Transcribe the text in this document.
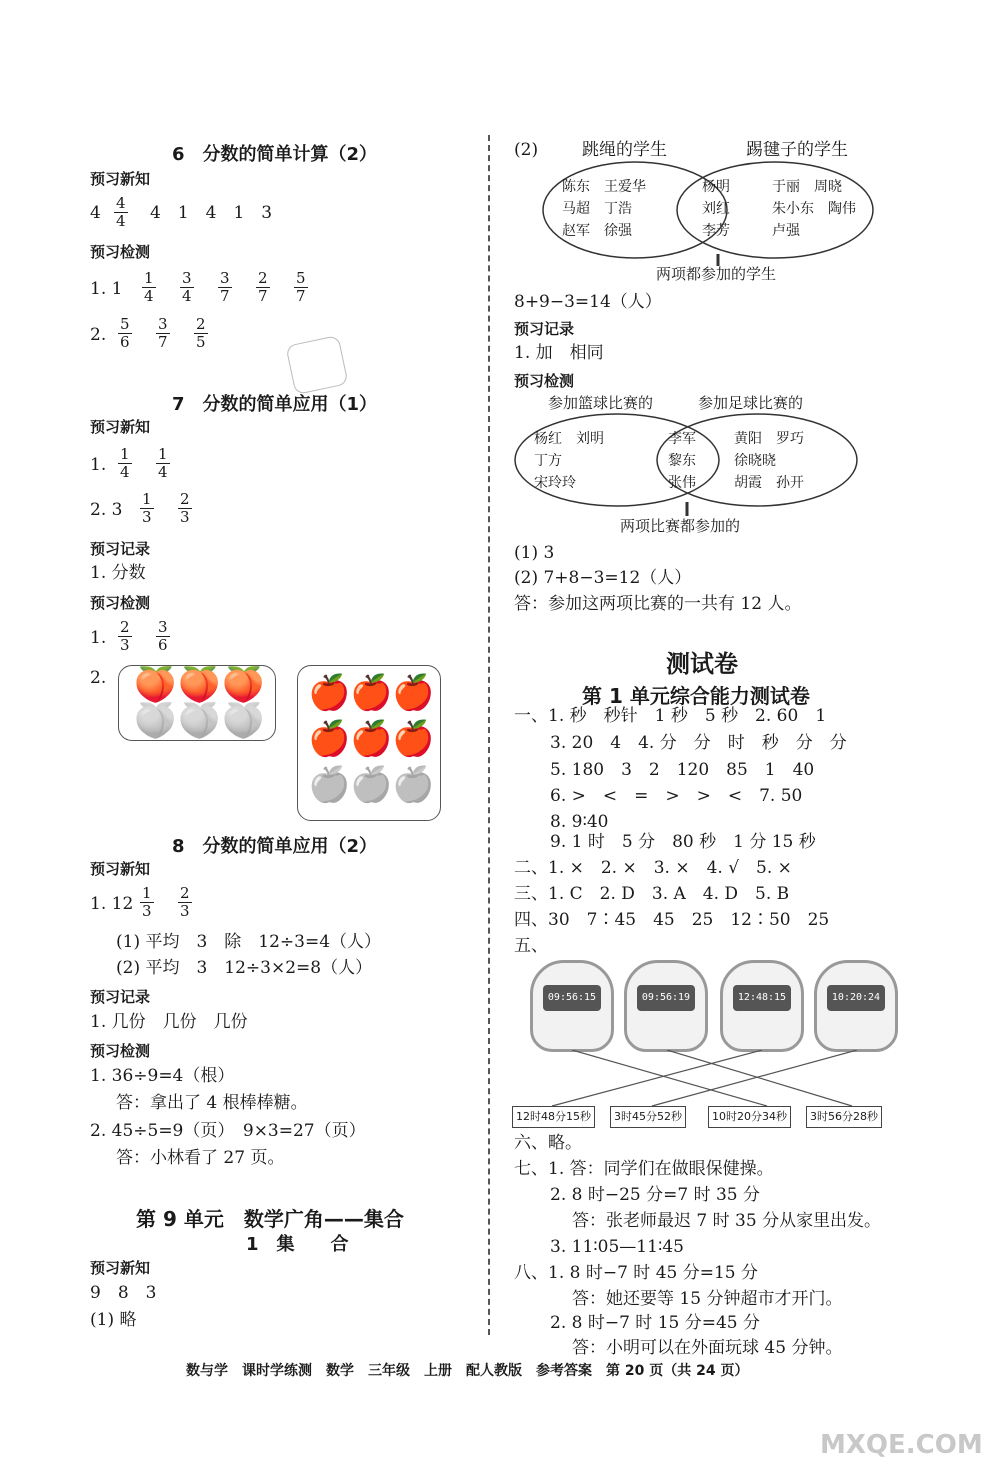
6　分数的简单计算（2）
预习新知
$4 \frac{4}{4} 4$　1　4　1　3
预习检测
1. $1 \frac{1}{4} \frac{3}{4} \frac{3}{7} \frac{2}{7} \frac{5}{7}$
2. $\frac{5}{6} \frac{3}{7} \frac{2}{5}$
7　分数的简单应用（1）
预习新知
1. $\frac{1}{4} \frac{1}{4}$
2. $3 \frac{1}{3} \frac{2}{3}$
预习记录
1. 分数
预习检测
1. $\frac{2}{3} \frac{3}{6}$
2. 🍑 🍑 🍑
🍑 🍑 🍑
🍎 🍎 🍎
🍎 🍎 🍎
🍎 🍎 🍎
8　分数的简单应用（2）
预习新知
1. $12 \frac{1}{3} \frac{2}{3}$
(1) 平均　3　除　12÷3=4（人）
(2) 平均　3　12÷3×2=8（人）
预习记录
1. 几份　几份　几份
预习检测
1. 36÷9=4（根）
答：拿出了 4 根棒棒糖。
2. 45÷5=9（页）　9×3=27（页）
答：小林看了 27 页。
第 9 单元　数学广角——集合
1　集　　合
预习新知
9　8　3
(1) 略
(2)	跳绳的学生	踢毽子的学生
陈东　王爱华
马超　丁浩
赵军　徐强
杨明
刘红
李芳
于丽　周晓
朱小东　陶伟
卢强
两项都参加的学生
8+9−3=14（人）
预习记录
1. 加　相同
预习检测
参加篮球比赛的	参加足球比赛的
杨红　刘明
丁方
宋玲玲
李军
黎东
张伟
黄阳　罗巧
徐晓晓
胡霞　孙开
两项比赛都参加的
(1) 3
(2) 7+8−3=12（人）
答：参加这两项比赛的一共有 12 人。
测试卷
第 1 单元综合能力测试卷
一、1. 秒　秒针　1 秒　5 秒　2. 60　1
3. 20　4　4. 分　分　时　秒　分　分
5. 180　3　2　120　85　1　40
6. >　<　=　>　>　<　7. 50
8. 9∶40
9. 1 时　5 分　80 秒　1 分 15 秒
二、1. ×　2. ×　3. ×　4. √　5. ×
三、1. C　2. D　3. A　4. D　5. B
四、30　7∶45　45　25　12∶50　25
五、
09:56:15	09:56:19	12:48:15	10:20:24
12时48分15秒	3时45分52秒	10时20分34秒	3时56分28秒
六、略。
七、1. 答：同学们在做眼保健操。
2. 8 时−25 分=7 时 35 分
答：张老师最迟 7 时 35 分从家里出发。
3. 11∶05—11∶45
八、1. 8 时−7 时 45 分=15 分
答：她还要等 15 分钟超市才开门。
2. 8 时−7 时 15 分=45 分
答：小明可以在外面玩球 45 分钟。
数与学　课时学练测　数学　三年级　上册　配人教版　参考答案　第 20 页（共 24 页）
MXQE.COM
